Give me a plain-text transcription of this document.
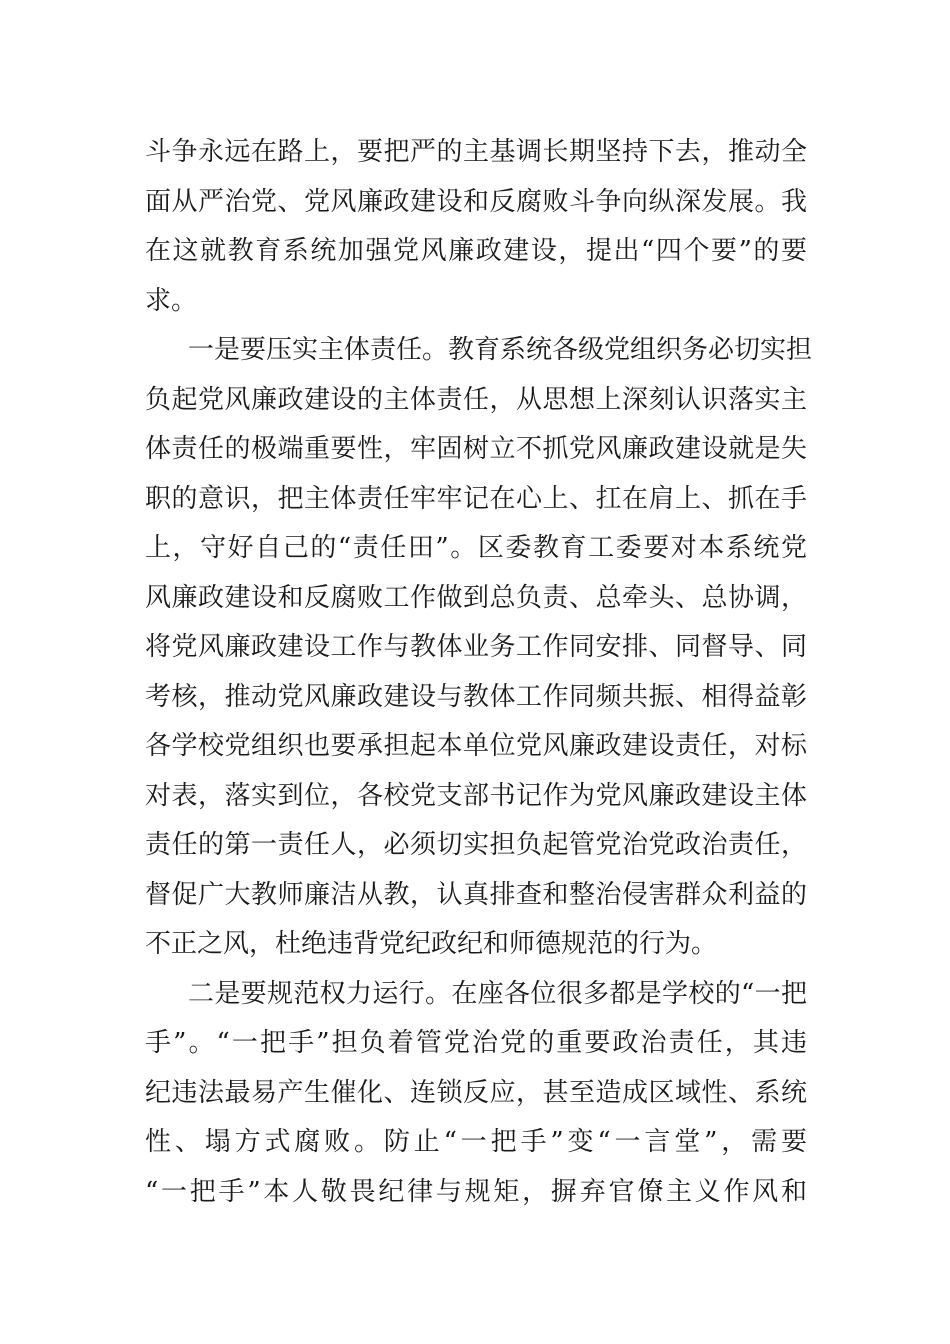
斗争永远在路上，要把严的主基调长期坚持下去，推动全
面从严治党、党风廉政建设和反腐败斗争向纵深发展。我
在这就教育系统加强党风廉政建设，提出“四个要”的要
求。
一是要压实主体责任。教育系统各级党组织务必切实担
负起党风廉政建设的主体责任，从思想上深刻认识落实主
体责任的极端重要性，牢固树立不抓党风廉政建设就是失
职的意识，把主体责任牢牢记在心上、扛在肩上、抓在手
上，守好自己的“责任田”。区委教育工委要对本系统党
风廉政建设和反腐败工作做到总负责、总牵头、总协调，
将党风廉政建设工作与教体业务工作同安排、同督导、同
考核，推动党风廉政建设与教体工作同频共振、相得益彰
各学校党组织也要承担起本单位党风廉政建设责任，对标
对表，落实到位，各校党支部书记作为党风廉政建设主体
责任的第一责任人，必须切实担负起管党治党政治责任，
督促广大教师廉洁从教，认真排查和整治侵害群众利益的
不正之风，杜绝违背党纪政纪和师德规范的行为。
二是要规范权力运行。在座各位很多都是学校的“一把
手”。“一把手”担负着管党治党的重要政治责任，其违
纪违法最易产生催化、连锁反应，甚至造成区域性、系统
性、塌方式腐败。防止“一把手”变“一言堂”，需要
“一把手”本人敬畏纪律与规矩，摒弃官僚主义作风和
